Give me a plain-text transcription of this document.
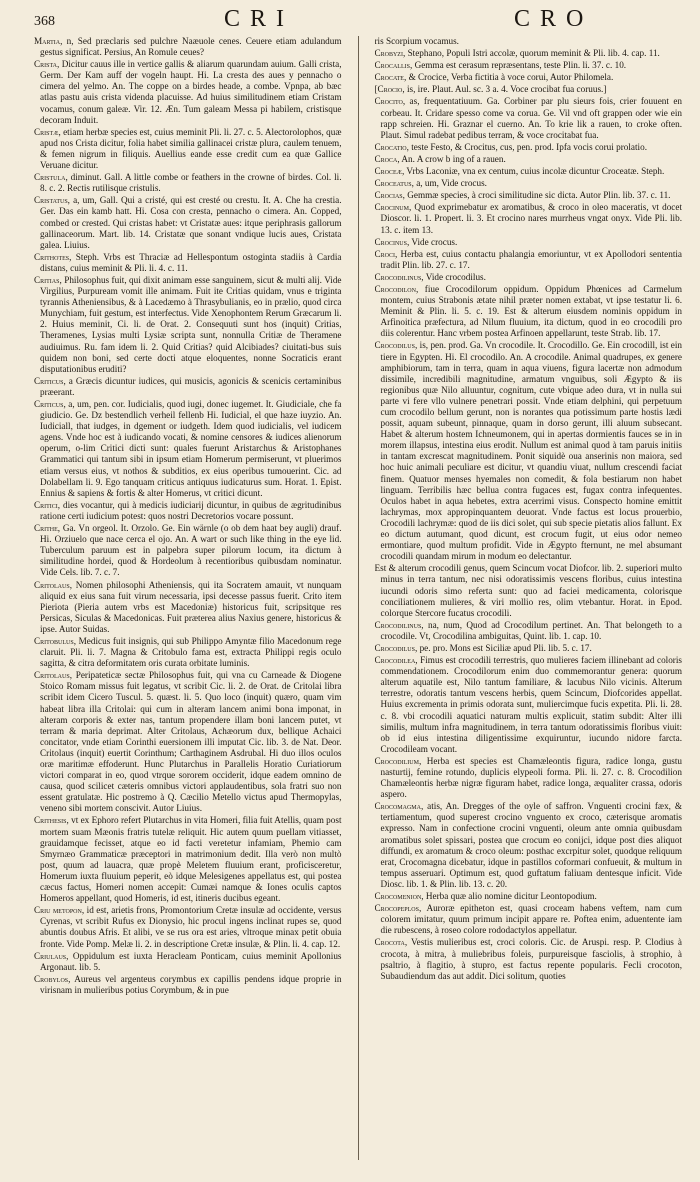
368	CRI	CRO

Martia, n, Sed præclaris sed pulchre Naæuole cenes. Ceuere etiam adulandum gestus significat. Persius, An Romule ceues?

Crista, Dicitur cauus ille in vertice gallis & aliarum quarundam auium. Galli crista, Germ. Der Kam auff der vogeln haupt. Hi. La cresta des aues y pennacho o cimera del yelmo. An. The coppe on a birdes heade, a combe. Vpnpa, ab bæc atlas pastu auis crista videnda placuisse. Ad huius similitudinem etiam Cristam vocamus, conum galeæ. Vir. 12. Æn. Tum galeam Messa pi habilem, cristisque decoram Induit.

Cristæ, etiam herbæ species est, cuius meminit Pli. li. 27. c. 5. Alectorolophos, quæ apud nos Crista dicitur, folia habet similia gallinacei cristæ plura, caulem tenuem, & femen nigrum in filiquis. Auellius eande esse credit cum ea quæ Gallice Veruane dicitur.

Cristula, diminut. Gall. A little combe or feathers in the crowne of birdes. Col. li. 8. c. 2. Rectis rutilisque cristulis.

Cristatus, a, um, Gall. Qui a cristé, qui est cresté ou crestu. It. A. Che ha crestia. Ger. Das ein kamb hatt. Hi. Cosa con cresta, pennacho o cimera. An. Copped, combed or crested. Qui cristas habet: vt Cristatæ aues: itque periphrasis gallorum gallinaceorum. Mart. lib. 14. Cristatæ que sonant vndique lucis aues, Cristata galea. Liuius.

Crithotes, Steph. Vrbs est Thraciæ ad Hellespontum ostoginta stadiis à Cardia distans, cuius meminit & Pli. li. 4. c. 11.

Critias, Philosophus fuit, qui dixit animam esse sanguinem, sicut & multi alij. Vide Virgilius, Purpuream vomit ille animam. Fuit ite Critias quidam, vnus e triginta tyrannis Atheniensibus, & à Lacedæmo à Thrasybulianis, eo in prælio, quod circa Munychiam, fuit gestum, est interfectus. Vide Xenophontem Rerum Græcarum li. 2. Huius meminit, Ci. li. de Orat. 2. Consequuti sunt hos (inquit) Critias, Theramenes, Lysias multi Lysiæ scripta sunt, nonnulla Critiæ de Theramene audiuimus. Ru. fam idem li. 2. Quid Critias? quid Alcibiades? ciuitati-bus suis quidem non boni, sed certe docti atque eloquentes, nonne Socraticis erant disputationibus eruditi?

Criticus, a Græcis dicuntur iudices, qui musicis, agonicis & scenicis certaminibus præerant.

Criticus, a, um, pen. cor. Iudicialis, quod iugi, donec iugemet. It. Giudiciale, che fa giudicio. Ge. Dz bestendlich verheil fellenb Hi. Iudicial, el que haze iuyzio. An. Iudiciall, that iudges, in dgement or iudgeth. Idem quod iudicialis, vel iudicem agens. Vnde hoc est à iudicando vocati, & nomine censores & iudices alienorum operum, o-lim Critici dicti sunt: quales fuerunt Aristarchus & Aristophanes Grammatici qui tantum sibi in ipsum etiam Homerum permiserunt, vt pluerimos etiam versus eius, vt nothos & subditios, ex eius operibus tumouerint. Cic. ad Dolabellam li. 9. Ego tanquam criticus antiquus iudicaturus sum. Horat. 1. Epist. Ennius & sapiens & fortis & alter Homerus, vt critici dicunt.

Critici, dies vocantur, qui à medicis iudiciarij dicuntur, in quibus de ægritudinibus ratione certi iudicium potest: quos nostri Decretorios vocare possunt.

Crithe, Ga. Vn orgeol. It. Orzolo. Ge. Ein wärnle (o ob dem haat bey augli) drauf. Hi. Orziuelo que nace cerca el ojo. An. A wart or such like thing in the eye lid. Tuberculum paruum est in palpebra super pilorum locum, ita dictum à similitudine hordei, quod & Hordeolum à recentioribus quibusdam nominatur. Vide Cels. lib. 7. c. 7.

Critolaus, Nomen philosophi Atheniensis, qui ita Socratem amauit, vt nunquam aliquid ex eius sana fuit virum necessaria, ipsi decesse passus fuerit. Crito item Pieriota (Pieria autem vrbs est Macedoniæ) historicus fuit, scripsitque res Persicas, Siculas & Macedonicas. Fuit præterea alius Naxius genere, historicus & ipse. Autor Suidas.

Critobulus, Medicus fuit insignis, qui sub Philippo Amyntæ filio Macedonum rege claruit. Pli. li. 7. Magna & Critobulo fama est, extracta Philippi regis oculo sagitta, & citra deformitatem oris curata orbitate luminis.

Critolaus, Peripateticæ sectæ Philosophus fuit, qui vna cu Carneade & Diogene Stoico Romam missus fuit legatus, vt scribit Cic. li. 2. de Orat. de Critolai libra scribit idem Cicero Tuscul. 5. quæst. li. 5. Quo loco (inquit) quæro, quam vim habeat libra illa Critolai: qui cum in alteram lancem animi bona imponat, in alteram corporis & exter nas, tantum propendere illam boni lancem putet, vt terram & maria deprimat. Alter Critolaus, Achæorum dux, bellique Achaici concitator, vnde etiam Corinthi euersionem illi imputat Cic. lib. 3. de Nat. Deor. Critolaus (inquit) euertit Corinthum; Carthaginem Asdrubal. Hi duo illos oculos oræ maritimæ effoderunt. Hunc Plutarchus in Parallelis Horatio Curiatiorum victori comparat in eo, quod vtrque sororem occiderit, idque eadem omnino de causa, quod scilicet cæteris omnibus victori applaudentibus, sola fratri suo non essent gratulatæ. Hic postremo à Q. Cæcilio Metello victus apud Thermopylas, veneno sibi mortem conscivit. Autor Liuius.

Crithesis, vt ex Ephoro refert Plutarchus in vita Homeri, filia fuit Atellis, quam post mortem suam Mæonis fratris tutelæ reliquit. Hic autem quum puellam vitiasset, grauidamque fecisset, atque eo id facti veretetur infamiam, Phemio cam Smyrnæo Grammaticæ præceptori in matrimonium dedit. Illa verò non multò post, quum ad lauacra, quæ propè Meletem fluuium erant, proficisceretur, Homerum iuxta fluuium peperit, eò idque Melesigenes appellatus est, qui postea cæcus factus, Homeri nomen accepit: Cumæi namque & Iones oculis captos Homeros appellant, quod Homeris, id est, itineris ducibus egeant.

Criu metopon, id est, arietis frons, Promontorium Cretæ insulæ ad occidente, versus Cyrenas, vt scribit Rufus ex Dionysio, hic procul ingens inclinat rupes se, quod abuntis doubus Afris. Et alibi, ve se rus ora est aries, vltroque minax petit obuia fronte. Vide Pomp. Melæ li. 2. in descriptione Cretæ insulæ, & Plin. li. 4. cap. 12.

Criulaus, Oppidulum est iuxta Heracleam Ponticam, cuius meminit Apollonius Argonaut. lib. 5.

Crobylos, Aureus vel argenteus corymbus ex capillis pendens idque proprie in virisnam in mulieribus potius Corymbum, & in pue

ris Scorpium vocamus.

Crobyzi, Stephano, Populi Istri accolæ, quorum meminit & Pli. lib. 4. cap. 11.

Crocallis, Gemma est cerasum repræsentans, teste Plin. li. 37. c. 10.

Crocate, & Crocice, Verba fictitia à voce corui, Autor Philomela.

[Crocio, is, ire. Plaut. Aul. sc. 3 a. 4. Voce crocibat fua coruus.]

Crocito, as, frequentatiuum. Ga. Corbiner par plu sieurs fois, crier fouuent en corbeau. It. Cridare spesso come va corua. Ge. Vil vnd oft grappen oder wie ein rapp schreien. Hi. Graznar el cuerno. An. To krie lik a rauen, to croke often. Plaut. Simul radebat pedibus terram, & voce crocitabat fua.

Crocatio, teste Festo, & Crocitus, cus, pen. prod. Ipfa vocis corui prolatio.

Croca, An. A crow b ing of a rauen.

Croceæ, Vrbs Laconiæ, vna ex centum, cuius incolæ dicuntur Croceatæ. Steph.

Croceatus, a, um, Vide crocus.

Crocias, Gemmæ species, à croci similitudine sic dicta. Autor Plin. lib. 37. c. 11.

Crocinum, Quod exprimebatur ex aromatibus, & croco in oleo maceratis, vt docet Dioscor. li. 1. Propert. li. 3. Et crocino nares murrheus vngat onyx. Vide Pli. lib. 13. c. item 13.

Crocinus, Vide crocus.

Croci, Herba est, cuius contactu phalangia emoriuntur, vt ex Apollodori sententia tradit Plin. lib. 27. c. 17.

Crocodilinus, Vide crocodilus.

Crocodilon, fiue Crocodilorum oppidum. Oppidum Phœnices ad Carmelum montem, cuius Strabonis ætate nihil præter nomen extabat, vt ipse testatur li. 6. Meminit & Plin. li. 5. c. 19. Est & alterum eiusdem nominis oppidum in Arfinoitica præfectura, ad Nilum fluuium, ita dictum, quod in eo crocodili pro diis colerentur. Hanc vrbem postea Arfinoen appellarunt, teste Strab. lib. 17.

Crocodilus, is, pen. prod. Ga. Vn crocodile. It. Crocodillo. Ge. Ein crocodill, ist ein tiere in Egypten. Hi. El crocodilo. An. A crocodile. Animal quadrupes, ex genere amphibiorum, tam in terra, quam in aqua viuens, figura lacertæ non admodum dissimile, incredibili magnitudine, armatum vnguibus, soli Ægypto & iis regionibus quæ Nilo alluuntur, cognitum, cute vbique adeo dura, vt in nulla sui parte vi fere vllo vulnere penetrari possit. Vnde etiam delphini, qui perpetuum cum crocodilo bellum gerunt, non is norantes qua potissimum parte hostis lædi possit, aquam subeunt, pinnaque, quam in dorso gerunt, illi aluum subsecant. Habet & alterum hostem Ichneumonem, qui in apertas dormientis fauces se in in morem illapsus, intestina eius erodit. Nullum est animal quod à tam paruis initiis in tantam excrescat magnitudinem. Ponit siquidè oua anserinis non maiora, sed hoc huic animali peculiare est dicitur, vt quandiu viuat, nullum crescendi faciat finem. Quatuor menses hyemales non comedit, & fola bestiarum non habet linguam. Terribilis hæc bellua contra fugaces est, fugax contra infequentes. Oculos habet in aqua hebetes, extra acerrimi visus. Conspecto homine emittit lachrymas, mox appropinquantem deuorat. Vnde factus est locus prouerbio, Crocodili lachrymæ: quod de iis dici solet, qui sub specie pietatis alios fallunt. Ex eo dictum autumant, quod dicunt, est crocum fugit, ut eius odor nemeo ermontiare, quod multum profidit. Vide in Ægypto fternunt, ne mel absumant crocodili quandam mirum in modum eo delectantur.

Est & alterum crocodili genus, quem Scincum vocat Diofcor. lib. 2. superiori multo minus in terra tantum, nec nisi odoratissimis vescens floribus, cuius intestina iucundi odoris simo referta sunt: quo ad faciei medicamenta, colorisque conciliationem mulieres, & viri mollio res, olim vtebantur. Horat. in Epod. colorque Stercore fucatus crocodili.

Crocodilinus, na, num, Quod ad Crocodilum pertinet. An. That belongeth to a crocodile. Vt, Crocodilina ambiguitas, Quint. lib. 1. cap. 10.

Crocodilus, pe. pro. Mons est Siciliæ apud Pli. lib. 5. c. 17.

Crocodilea, Fimus est crocodili terrestris, quo mulieres faciem illinebant ad coloris commendationem. Crocodilorum enim duo commemorantur genera: quorum alterum aquatile est, Nilo tantum familiare, & lacubus Nilo vicinis. Alterum terrestre, odoratis tantum vescens herbis, quem Scincum, Diofcorides appellat. Huius excrementa in primis odorata sunt, muliercimque fucis expetita. Pli. li. 28. c. 8. vbi crocodili aquatici naturam multis explicuit, statim subdit: Alter illi similis, multum infra magnitudinem, in terra tantum odoratissimis floribus viuit: ob id eius intestina diligentissime exquiruntur, iucundo nidore farcta. Crocodileam vocant.

Crocodilium, Herba est species est Chamæleontis figura, radice longa, gustu nasturtij, femine rotundo, duplicis elypeoli forma. Pli. li. 27. c. 8. Crocodilion Chamæleontis herbæ nigræ figuram habet, radice longa, æqualiter crassa, odoris aspero.

Crocomagma, atis, An. Dregges of the oyle of saffron. Vnguenti crocini fæx, & tertiamentum, quod superest crocino vnguento ex croco, cæterisque aromatis expresso. Nam in confectione crocini vnguenti, oleum ante omnia quibusdam aromatibus solet spissari, postea que crocum eo conijci, idque post dies aliquot diffundi, ex aromatum & croco oleum: posthac excrpitur solet, quodque reliquum erat, Crocomagna dicebatur, idque in pastillos coformari confueuit, & multum in tempus asseruari. Optimum est, quod guftatum faliuam dentesque inficit. Vide Diosc. lib. 1. & Plin. lib. 13. c. 20.

Crocomenion, Herba quæ alio nomine dicitur Leontopodium.

Crocopeplos, Auroræ epitheton est, quasi croceam habens veftem, nam cum colorem imitatur, quum primum incipit appare re. Poftea enim, aduentente iam die rubescens, à roseo colore rododactylos appellatur.

Crocota, Vestis mulieribus est, croci coloris. Cic. de Aruspi. resp. P. Clodius à crocota, à mitra, à muliebribus foleis, purpureisque fasciolis, à strophio, à psaltrio, à flagitio, à stupro, est factus repente popularis. Fecli crocoton, Subaudiendum das aut addit. Dici solitum, quoties
